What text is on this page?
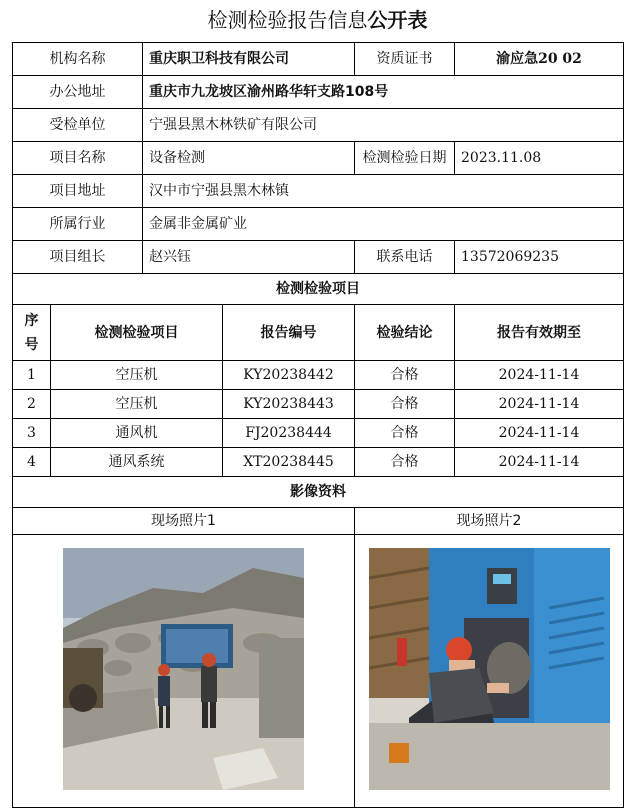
检测检验报告信息公开表
机构名称		重庆职卫科技有限公司		资质证书	渝应急20 02
办公地址		重庆市九龙坡区渝州路华轩支路108号			
受检单位		宁强县黑木林铁矿有限公司			
项目名称		设备检测		检测检验日期	2023.11.08
项目地址		汉中市宁强县黑木林镇			
所属行业		金属非金属矿业			
项目组长		赵兴钰		联系电话	13572069235
检测检验项目					
序
号	检测检验项目		报告编号	检验结论	报告有效期至
1	空压机		KY20238442	合格	2024-11-14
2	空压机		KY20238443	合格	2024-11-14
3	通风机		FJ20238444	合格	2024-11-14
4	通风系统		XT20238445	合格	2024-11-14
影像资料					
现场照片1				现场照片2	
